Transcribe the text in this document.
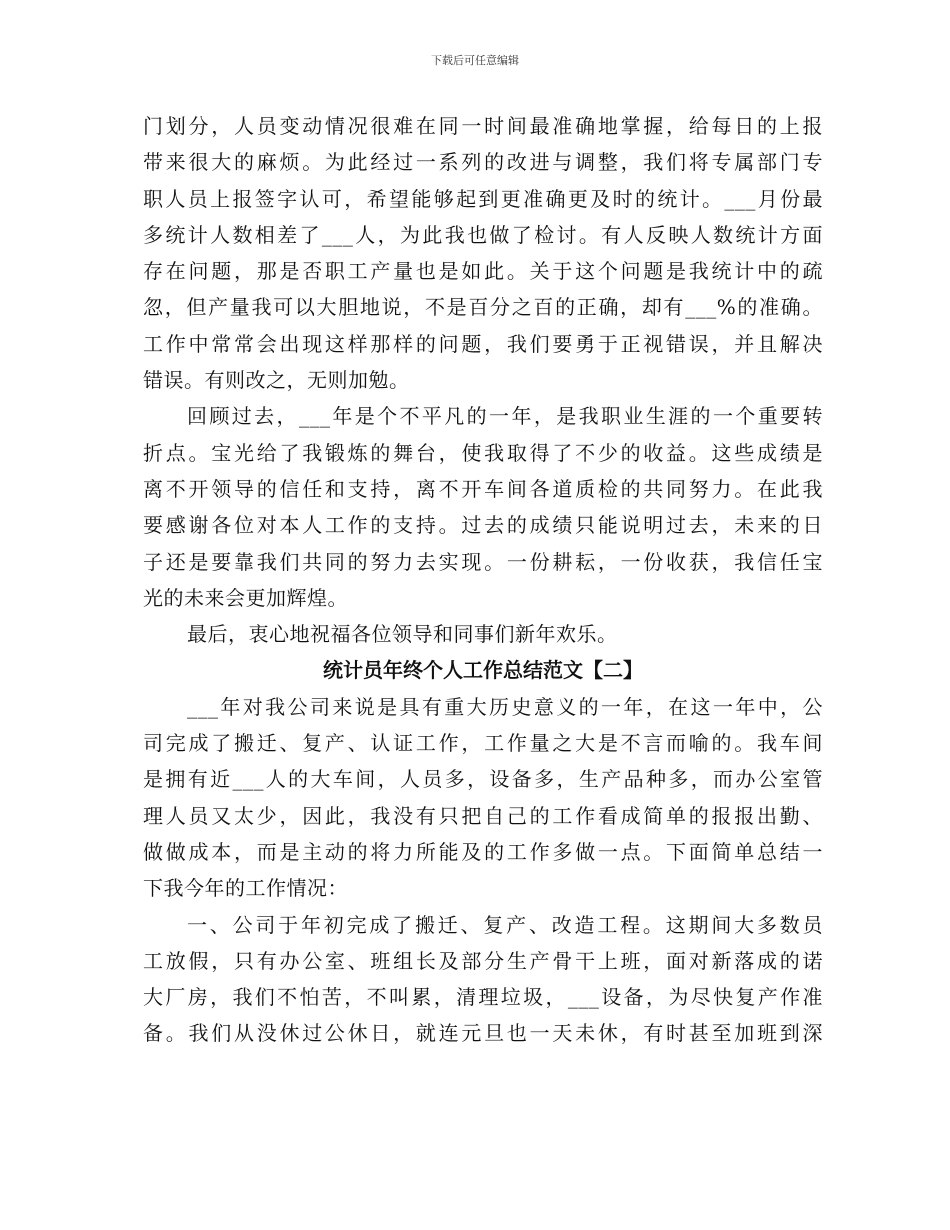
下载后可任意编辑
门划分，人员变动情况很难在同一时间最准确地掌握，给每日的上报
带来很大的麻烦。为此经过一系列的改进与调整，我们将专属部门专
职人员上报签字认可，希望能够起到更准确更及时的统计。___月份最
多统计人数相差了___人，为此我也做了检讨。有人反映人数统计方面
存在问题，那是否职工产量也是如此。关于这个问题是我统计中的疏
忽，但产量我可以大胆地说，不是百分之百的正确，却有___%的准确。
工作中常常会出现这样那样的问题，我们要勇于正视错误，并且解决
错误。有则改之，无则加勉。
回顾过去，___年是个不平凡的一年，是我职业生涯的一个重要转
折点。宝光给了我锻炼的舞台，使我取得了不少的收益。这些成绩是
离不开领导的信任和支持，离不开车间各道质检的共同努力。在此我
要感谢各位对本人工作的支持。过去的成绩只能说明过去，未来的日
子还是要靠我们共同的努力去实现。一份耕耘，一份收获，我信任宝
光的未来会更加辉煌。
最后，衷心地祝福各位领导和同事们新年欢乐。
统计员年终个人工作总结范文【二】
___年对我公司来说是具有重大历史意义的一年，在这一年中，公
司完成了搬迁、复产、认证工作，工作量之大是不言而喻的。我车间
是拥有近___人的大车间，人员多，设备多，生产品种多，而办公室管
理人员又太少，因此，我没有只把自己的工作看成简单的报报出勤、
做做成本，而是主动的将力所能及的工作多做一点。下面简单总结一
下我今年的工作情况：
一、公司于年初完成了搬迁、复产、改造工程。这期间大多数员
工放假，只有办公室、班组长及部分生产骨干上班，面对新落成的诺
大厂房，我们不怕苦，不叫累，清理垃圾，___设备，为尽快复产作准
备。我们从没休过公休日，就连元旦也一天未休，有时甚至加班到深
